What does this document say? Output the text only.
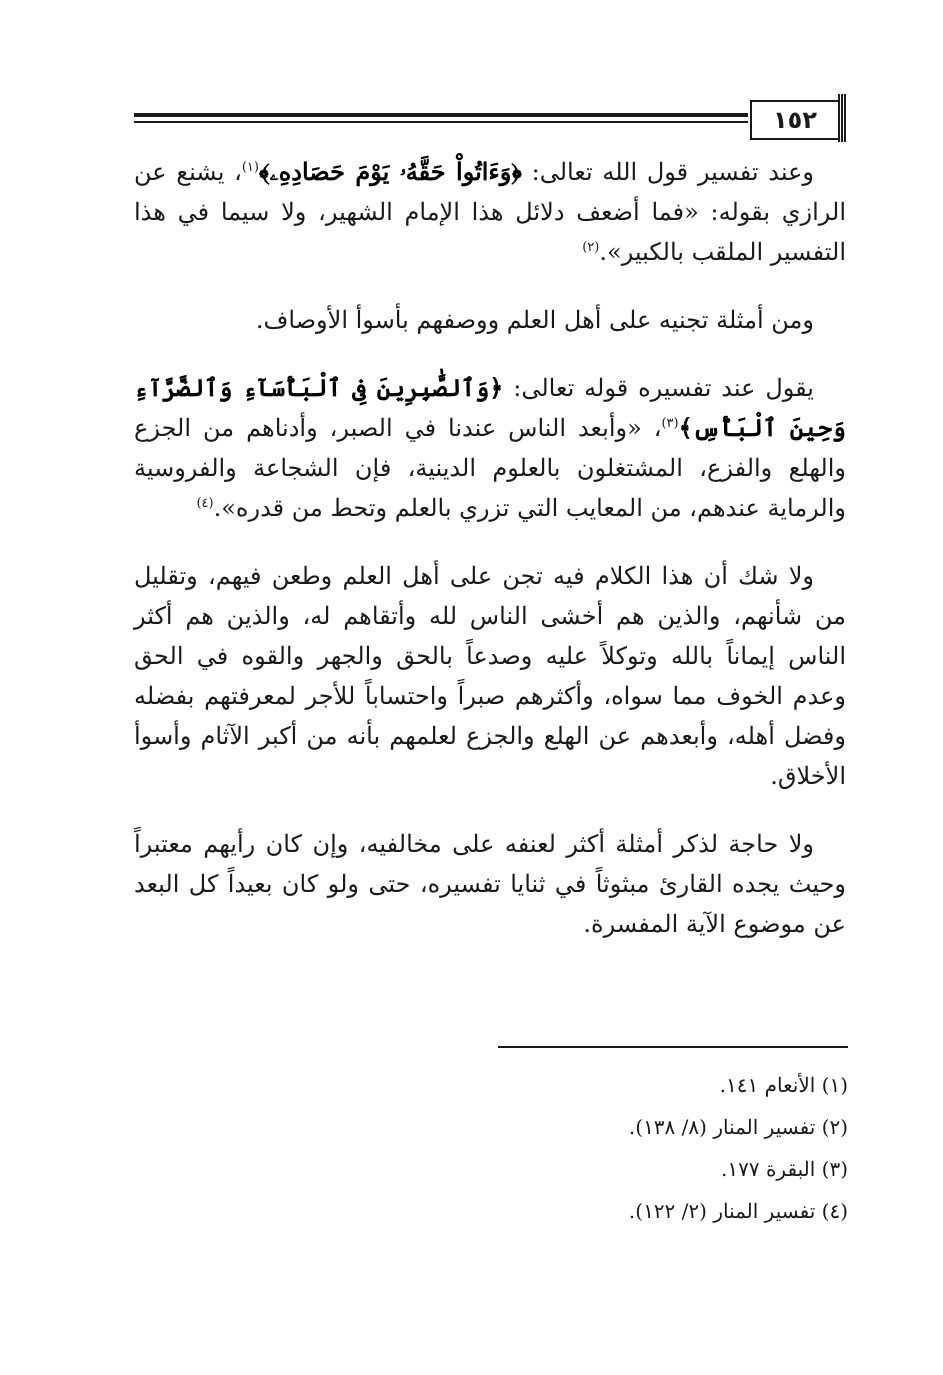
١٥٢

وعند تفسير قول الله تعالى: ﴿وَءَاتُواْ حَقَّهُۥ يَوْمَ حَصَادِهِۦ﴾$^{(١)}$، يشنع عن الرازي بقوله: «فما أضعف دلائل هذا الإمام الشهير، ولا سيما في هذا التفسير الملقب بالكبير».$^{(٢)}$

ومن أمثلة تجنيه على أهل العلم ووصفهم بأسوأ الأوصاف.

يقول عند تفسيره قوله تعالى: ﴿وَٱلصَّٰبِرِينَ فِى ٱلْبَأْسَآءِ وَٱلضَّرَّآءِ وَحِينَ ٱلْبَأْسِ﴾$^{(٣)}$، «وأبعد الناس عندنا في الصبر، وأدناهم من الجزع والهلع والفزع، المشتغلون بالعلوم الدينية، فإن الشجاعة والفروسية والرماية عندهم، من المعايب التي تزري بالعلم وتحط من قدره».$^{(٤)}$

ولا شك أن هذا الكلام فيه تجن على أهل العلم وطعن فيهم، وتقليل من شأنهم، والذين هم أخشى الناس لله وأتقاهم له، والذين هم أكثر الناس إيماناً بالله وتوكلاً عليه وصدعاً بالحق والجهر والقوه في الحق وعدم الخوف مما سواه، وأكثرهم صبراً واحتساباً للأجر لمعرفتهم بفضله وفضل أهله، وأبعدهم عن الهلع والجزع لعلمهم بأنه من أكبر الآثام وأسوأ الأخلاق.

ولا حاجة لذكر أمثلة أكثر لعنفه على مخالفيه، وإن كان رأيهم معتبراً وحيث يجده القارئ مبثوثاً في ثنايا تفسيره، حتى ولو كان بعيداً كل البعد عن موضوع الآية المفسرة.

(١) الأنعام ١٤١.

(٢) تفسير المنار (٨/ ١٣٨).

(٣) البقرة ١٧٧.

(٤) تفسير المنار (٢/ ١٢٢).
